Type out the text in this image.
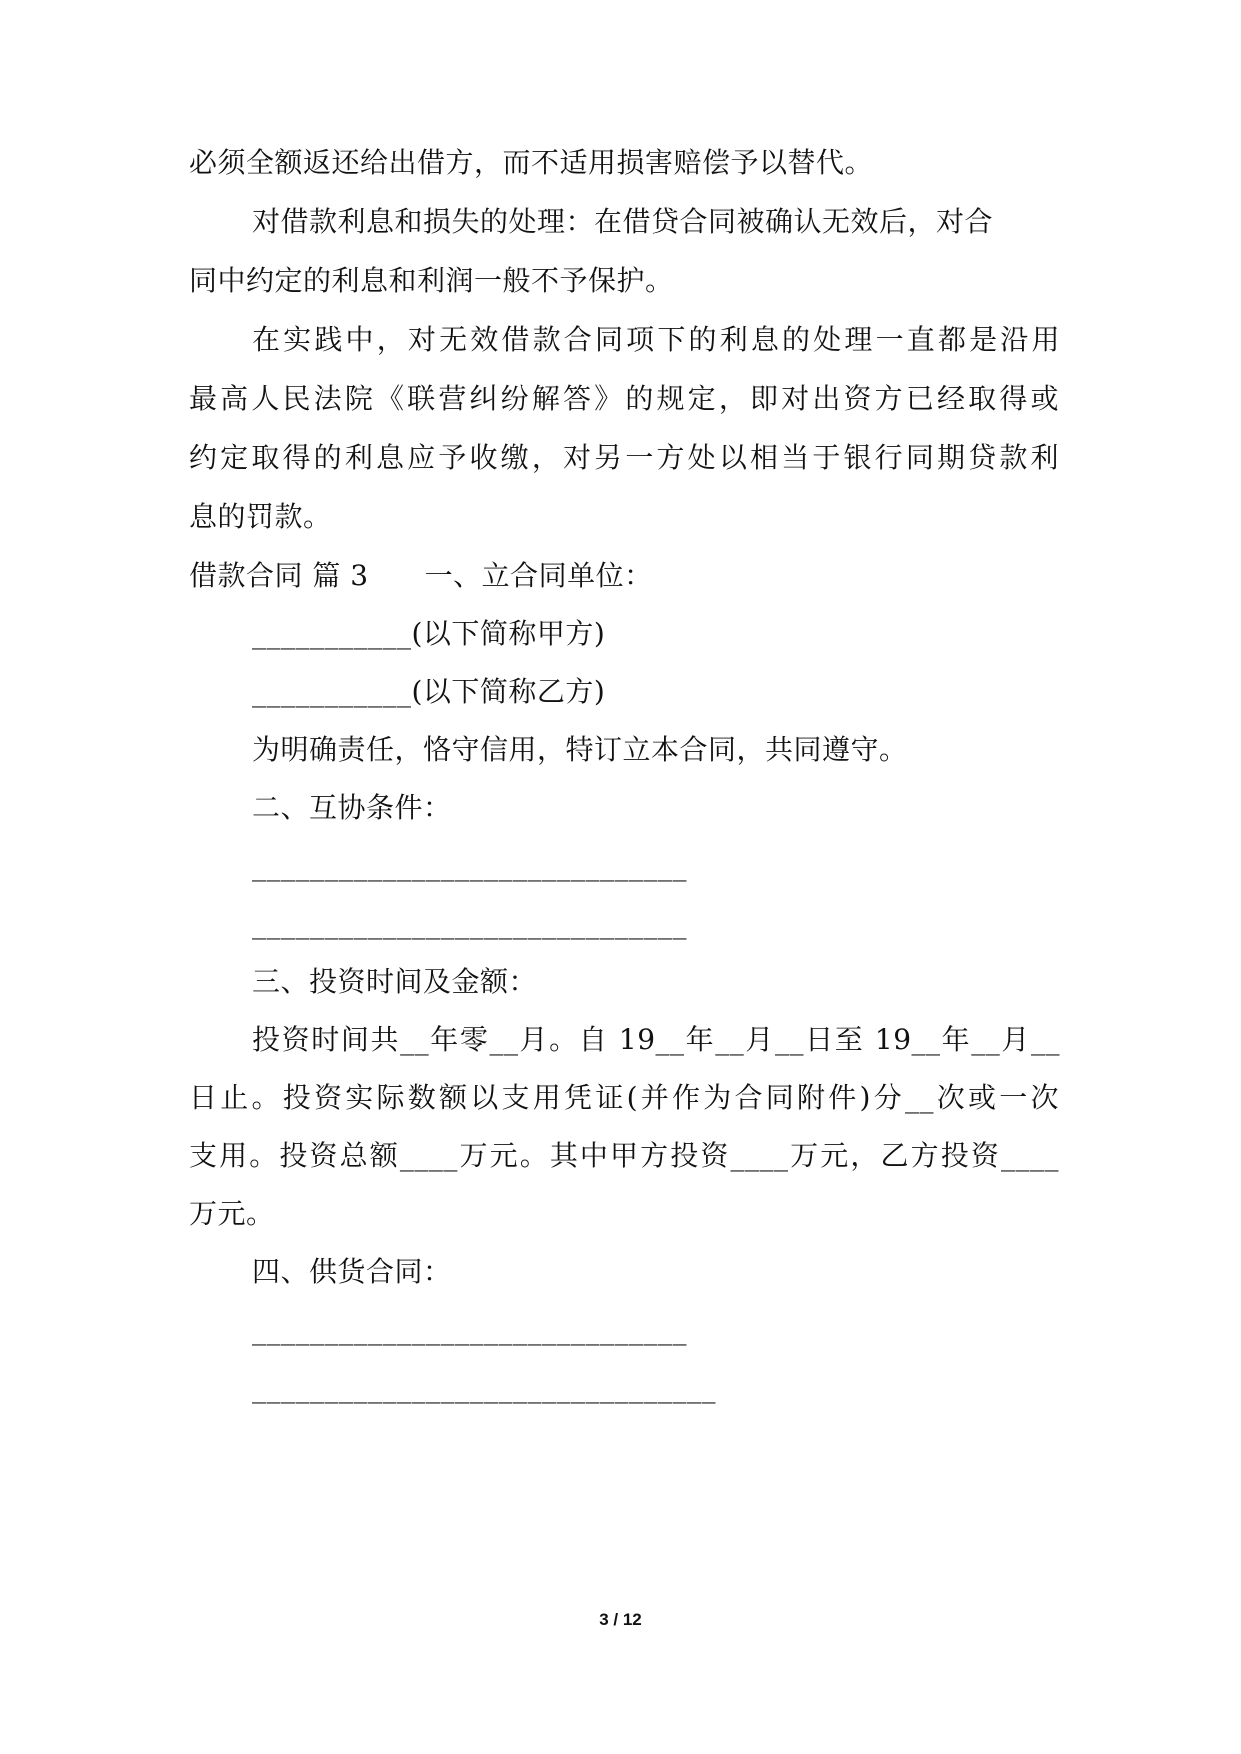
必须全额返还给出借方，而不适用损害赔偿予以替代。
对借款利息和损失的处理：在借贷合同被确认无效后，对合
同中约定的利息和利润一般不予保护。
在实践中，对无效借款合同项下的利息的处理一直都是沿用
最高人民法院《联营纠纷解答》的规定，即对出资方已经取得或
约定取得的利息应予收缴，对另一方处以相当于银行同期贷款利
息的罚款。
借款合同 篇 3 一、立合同单位：
___________(以下简称甲方)
___________(以下简称乙方)
为明确责任，恪守信用，特订立本合同，共同遵守。
二、互协条件：
______________________________
______________________________
三、投资时间及金额：
投资时间共__年零__月。自 19__年__月__日至 19__年__月__
日止。投资实际数额以支用凭证(并作为合同附件)分__次或一次
支用。投资总额____万元。其中甲方投资____万元，乙方投资____
万元。
四、供货合同：
______________________________
________________________________
3 / 12
